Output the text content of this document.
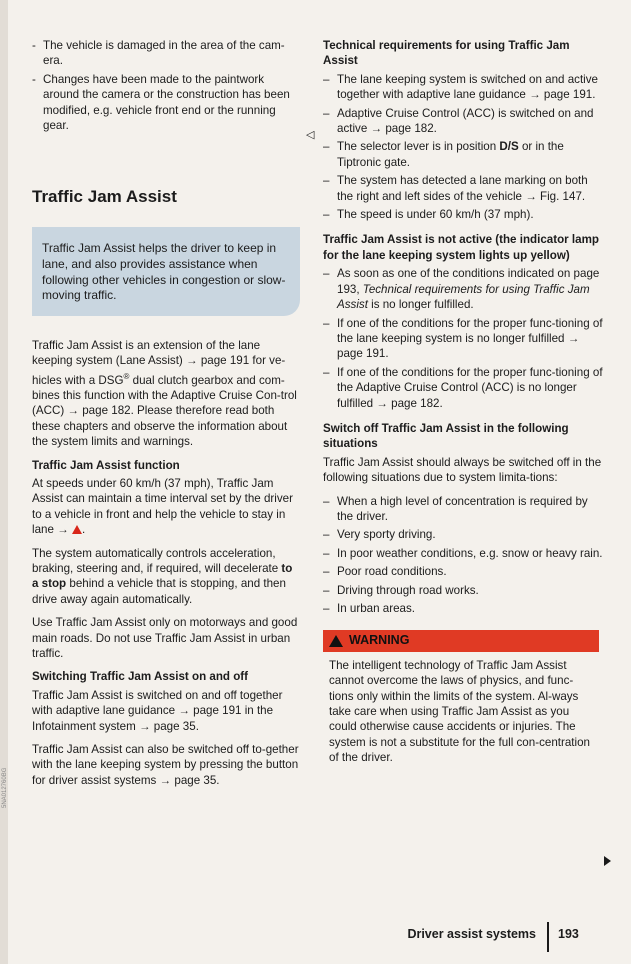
5NA012760BG
- The vehicle is damaged in the area of the cam-era.
- Changes have been made to the paintwork around the camera or the construction has been modified, e.g. vehicle front end or the running gear.
Traffic Jam Assist
Traffic Jam Assist helps the driver to keep in lane, and also provides assistance when following other vehicles in congestion or slow-moving traffic.

Traffic Jam Assist is an extension of the lane keeping system (Lane Assist) → page 191 for ve-hicles with a DSG® dual clutch gearbox and com-bines this function with the Adaptive Cruise Con-trol (ACC) → page 182. Please therefore read both these chapters and observe the information about the system limits and warnings.

Traffic Jam Assist function

At speeds under 60 km/h (37 mph), Traffic Jam Assist can maintain a time interval set by the driver to a vehicle in front and help the vehicle to stay in lane → .

The system automatically controls acceleration, braking, steering and, if required, will decelerate to a stop behind a vehicle that is stopping, and then drive away again automatically.

Use Traffic Jam Assist only on motorways and good main roads. Do not use Traffic Jam Assist in urban traffic.

Switching Traffic Jam Assist on and off

Traffic Jam Assist is switched on and off together with adaptive lane guidance → page 191 in the Infotainment system → page 35.

Traffic Jam Assist can also be switched off to-gether with the lane keeping system by pressing the button for driver assist systems → page 35.

◁
Technical requirements for using Traffic Jam Assist
– The lane keeping system is switched on and active together with adaptive lane guidance → page 191.
– Adaptive Cruise Control (ACC) is switched on and active → page 182.
– The selector lever is in position D/S or in the Tiptronic gate.
– The system has detected a lane marking on both the right and left sides of the vehicle → Fig. 147.
– The speed is under 60 km/h (37 mph).
Traffic Jam Assist is not active (the indicator lamp for the lane keeping system lights up yellow)
– As soon as one of the conditions indicated on page 193, Technical requirements for using Traffic Jam Assist is no longer fulfilled.
– If one of the conditions for the proper func-tioning of the lane keeping system is no longer fulfilled → page 191.
– If one of the conditions for the proper func-tioning of the Adaptive Cruise Control (ACC) is no longer fulfilled → page 182.
Switch off Traffic Jam Assist in the following situations

Traffic Jam Assist should always be switched off in the following situations due to system limita-tions:

– When a high level of concentration is required by the driver.
– Very sporty driving.
– In poor weather conditions, e.g. snow or heavy rain.
– Poor road conditions.
– Driving through road works.
– In urban areas.
WARNING
The intelligent technology of Traffic Jam Assist cannot overcome the laws of physics, and func-tions only within the limits of the system. Al-ways take care when using Traffic Jam Assist as you could otherwise cause accidents or injuries. The system is not a substitute for the full con-centration of the driver.
Driver assist systems 193
